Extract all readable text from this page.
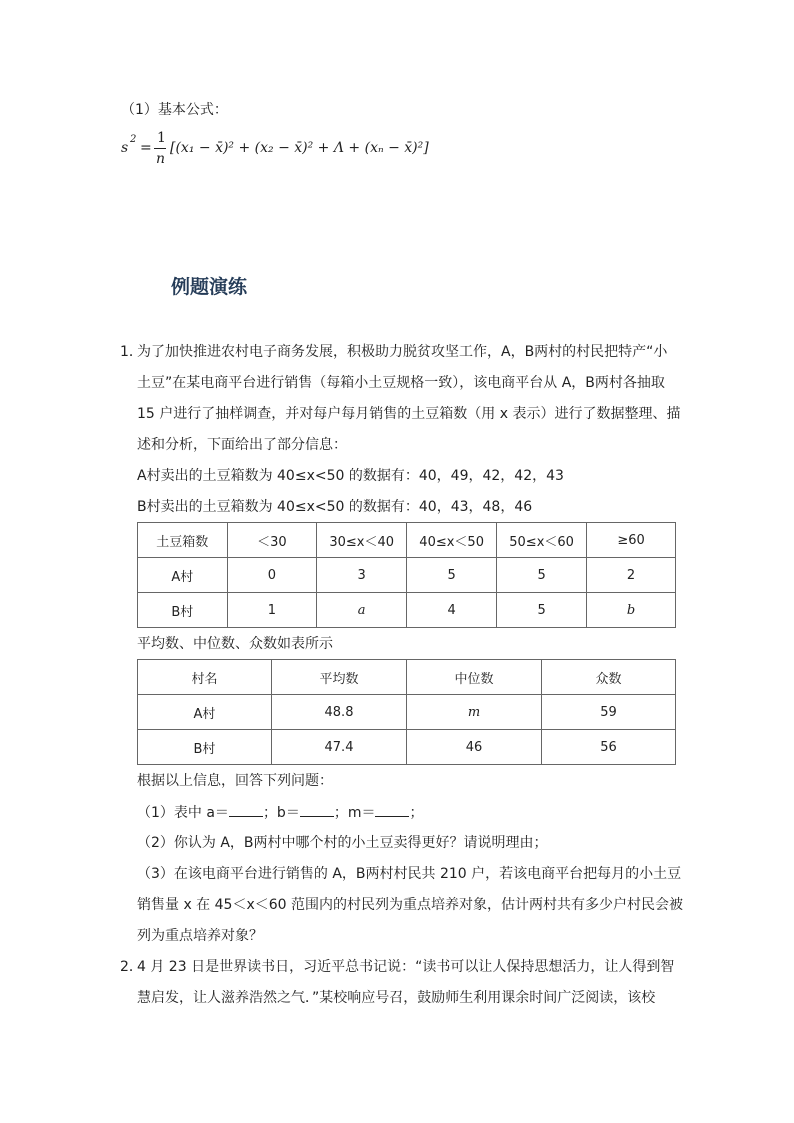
（1）基本公式：
s
2
=
1
n
[(x₁ − x̄)² + (x₂ − x̄)² + Λ + (xₙ − x̄)²]
例题演练
1．
为了加快推进农村电子商务发展，积极助力脱贫攻坚工作，A，B两村的村民把特产“小
土豆”在某电商平台进行销售（每箱小土豆规格一致），该电商平台从 A，B两村各抽取
15 户进行了抽样调查，并对每户每月销售的土豆箱数（用 x 表示）进行了数据整理、描
述和分析，下面给出了部分信息：
A村卖出的土豆箱数为 40≤x<50 的数据有：40，49，42，42，43
B村卖出的土豆箱数为 40≤x<50 的数据有：40，43，48，46
土豆箱数	＜30	30≤x＜40	40≤x＜50	50≤x＜60	≥60
A村	0	3	5	5	2
B村	1	a	4	5	b
平均数、中位数、众数如表所示
村名	平均数	中位数	众数
A村	48.8	m	59
B村	47.4	46	56
根据以上信息，回答下列问题：
（1）表中 a＝ ；b＝ ；m＝ ；
（2）你认为 A，B两村中哪个村的小土豆卖得更好？请说明理由；
（3）在该电商平台进行销售的 A，B两村村民共 210 户，若该电商平台把每月的小土豆
销售量 x 在 45＜x＜60 范围内的村民列为重点培养对象，估计两村共有多少户村民会被
列为重点培养对象？
2．
4 月 23 日是世界读书日，习近平总书记说：“读书可以让人保持思想活力，让人得到智
慧启发，让人滋养浩然之气．”某校响应号召，鼓励师生利用课余时间广泛阅读，该校
